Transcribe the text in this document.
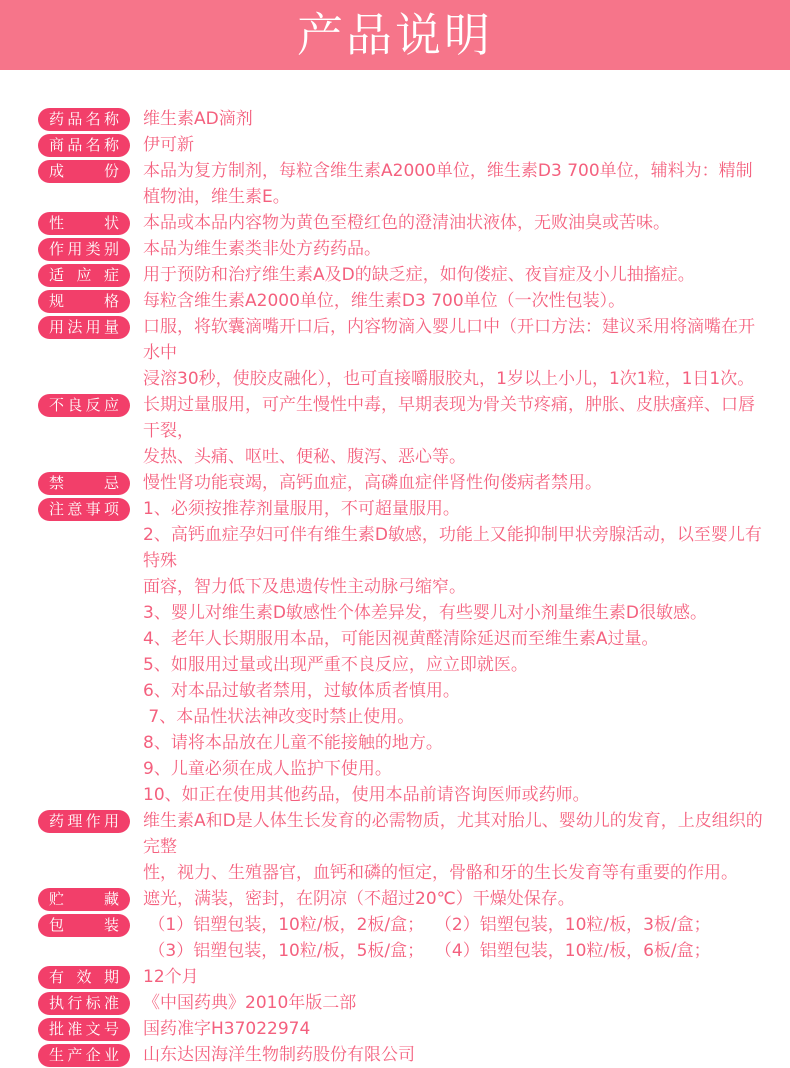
产品说明
药品名称	维生素AD滴剂
商品名称	伊可新
成份	本品为复方制剂，每粒含维生素A2000单位，维生素D3 700单位，辅料为：精制
植物油，维生素E。
性状	本品或本品内容物为黄色至橙红色的澄清油状液体，无败油臭或苦味。
作用类别	本品为维生素类非处方药药品。
适应症	用于预防和治疗维生素A及D的缺乏症，如佝偻症、夜盲症及小儿抽搐症。
规格	每粒含维生素A2000单位，维生素D3 700单位（一次性包装）。
用法用量	口服，将软囊滴嘴开口后，内容物滴入婴儿口中（开口方法：建议采用将滴嘴在开水中
浸溶30秒，使胶皮融化），也可直接嚼服胶丸，1岁以上小儿，1次1粒，1日1次。
不良反应	长期过量服用，可产生慢性中毒，早期表现为骨关节疼痛，肿胀、皮肤瘙痒、口唇干裂，
发热、头痛、呕吐、便秘、腹泻、恶心等。
禁忌	慢性肾功能衰竭，高钙血症，高磷血症伴肾性佝偻病者禁用。
注意事项	1、必须按推荐剂量服用，不可超量服用。
2、高钙血症孕妇可伴有维生素D敏感，功能上又能抑制甲状旁腺活动，以至婴儿有特殊
面容，智力低下及患遗传性主动脉弓缩窄。
3、婴儿对维生素D敏感性个体差异发，有些婴儿对小剂量维生素D很敏感。
4、老年人长期服用本品，可能因视黄醛清除延迟而至维生素A过量。
5、如服用过量或出现严重不良反应，应立即就医。
6、对本品过敏者禁用，过敏体质者慎用。
7、本品性状法神改变时禁止使用。
8、请将本品放在儿童不能接触的地方。
9、儿童必须在成人监护下使用。
10、如正在使用其他药品，使用本品前请咨询医师或药师。
药理作用	维生素A和D是人体生长发育的必需物质，尤其对胎儿、婴幼儿的发育，上皮组织的完整
性，视力、生殖器官，血钙和磷的恒定，骨骼和牙的生长发育等有重要的作用。
贮藏	遮光，满装，密封，在阴凉（不超过20℃）干燥处保存。
包装	（1）铝塑包装，10粒/板，2板/盒；  （2）铝塑包装，10粒/板，3板/盒；
（3）铝塑包装，10粒/板，5板/盒；  （4）铝塑包装，10粒/板，6板/盒；
有效期	12个月
执行标准	《中国药典》2010年版二部
批准文号	国药准字H37022974
生产企业	山东达因海洋生物制药股份有限公司
